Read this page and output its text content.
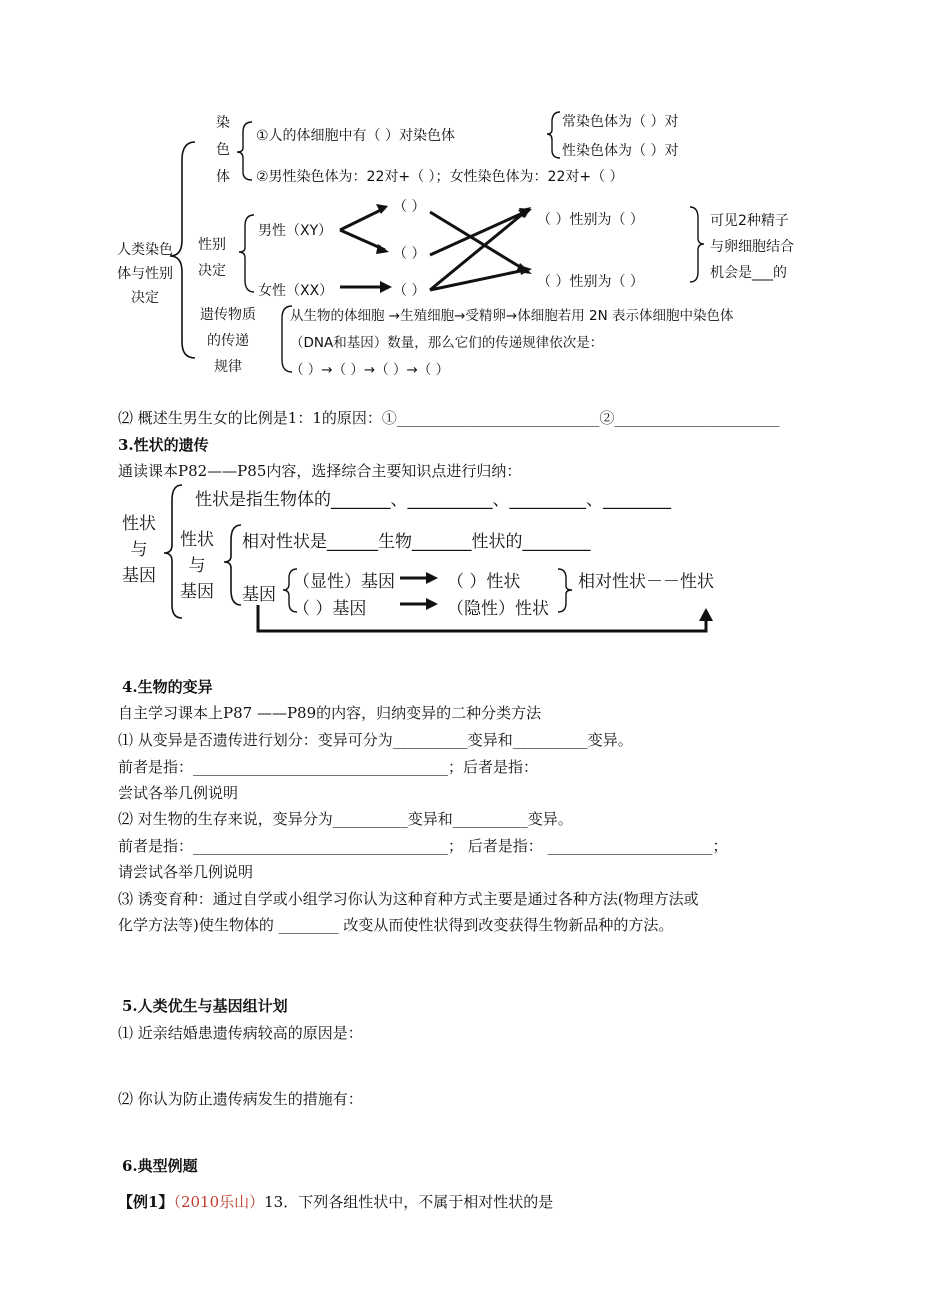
人类染色
体与性别
决定
染
色
体
①人的体细胞中有（ ）对染色体
常染色体为（ ）对
性染色体为（ ）对
②男性染色体为：22对+（ ）；女性染色体为：22对+（ ）
性别
决定
男性（XY）
女性（XX）
（ ）
（ ）
（ ）
（ ）性别为（ ）
（ ）性别为（ ）
可见2种精子
与卵细胞结合
机会是___的
遗传物质
的传递
规律
从生物的体细胞 →生殖细胞→受精卵→体细胞若用 2N 表示体细胞中染色体
（DNA和基因）数量，那么它们的传递规律依次是：
（ ）→（ ）→（ ）→（ ）
⑵ 概述生男生女的比例是1：1的原因：①___________________________②______________________
3.性状的遗传
通读课本P82——P85内容，选择综合主要知识点进行归纳：
性状
与
基因
性状是指生物体的_______、__________、_________、________
性状
与
基因
相对性状是______生物_______性状的________
基因
（显性）基因	（ ）性状
（ ）基因	（隐性）性状
相对性状－－性状
4.生物的变异
自主学习课本上P87 ——P89的内容，归纳变异的二种分类方法
⑴ 从变异是否遗传进行划分：变异可分为__________变异和__________变异。
前者是指：__________________________________；后者是指：
尝试各举几例说明
⑵ 对生物的生存来说，变异分为__________变异和__________变异。
前者是指：__________________________________； 后者是指： ______________________；
请尝试各举几例说明
⑶ 诱变育种：通过自学或小组学习你认为这种育种方式主要是通过各种方法(物理方法或
化学方法等)使生物体的 ________ 改变从而使性状得到改变获得生物新品种的方法。
5.人类优生与基因组计划
⑴ 近亲结婚患遗传病较高的原因是：
⑵ 你认为防止遗传病发生的措施有：
6.典型例题
【例1】（2010乐山）13．下列各组性状中，不属于相对性状的是
